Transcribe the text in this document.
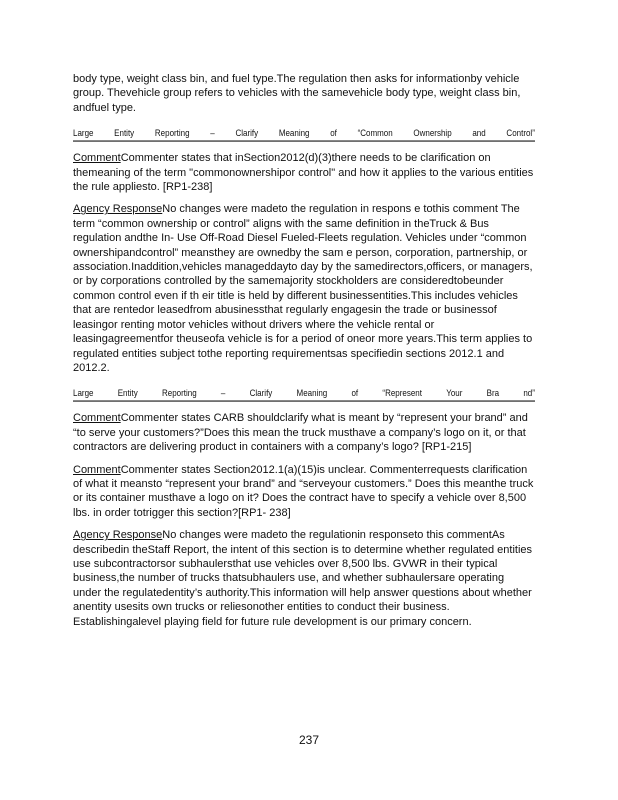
body type, weight class bin, and fuel type.The regulation then asks for informationby vehicle group. Thevehicle group refers to vehicles with the samevehicle body type, weight class bin, andfuel type.

Large	Entity	Reporting	–	Clarify	Meaning	of	“Common	Ownership	and	Control”

CommentCommenter states that inSection2012(d)(3)there needs to be clarification on themeaning of the term "commonownershipor control" and how it applies to the various entities the rule appliesto. [RP1-238]

Agency ResponseNo changes were madeto the regulation in respons e tothis comment The term “common ownership or control” aligns with the same definition in theTruck & Bus regulation andthe In- Use Off-Road Diesel Fueled-Fleets regulation. Vehicles under “common ownershipandcontrol” meansthey are ownedby the sam e person, corporation, partnership, or association.Inaddition,vehicles manageddayto day by the samedirectors,officers, or managers, or by corporations controlled by the samemajority stockholders are consideredtobeunder common control even if th eir title is held by different businessentities.This includes vehicles that are rentedor leasedfrom abusinessthat regularly engagesin the trade or businessof leasingor renting motor vehicles without drivers where the vehicle rental or leasingagreementfor theuseofa vehicle is for a period of oneor more years.This term applies to regulated entities subject tothe reporting requirementsas specifiedin sections 2012.1 and 2012.2.

Large	Entity	Reporting	–	Clarify	Meaning	of	“Represent	Your	Bra	nd”

CommentCommenter states CARB shouldclarify what is meant by “represent your brand” and “to serve your customers?”Does this mean the truck musthave a company’s logo on it, or that contractors are delivering product in containers with a company’s logo? [RP1-215]

CommentCommenter states Section2012.1(a)(15)is unclear. Commenterrequests clarification of what it meansto “represent your brand” and “serveyour customers.” Does this meanthe truck or its container musthave a logo on it? Does the contract have to specify a vehicle over 8,500 lbs. in order totrigger this section?[RP1- 238]

Agency ResponseNo changes were madeto the regulationin responseto this commentAs describedin theStaff Report, the intent of this section is to determine whether regulated entities use subcontractorsor subhaulersthat use vehicles over 8,500 lbs. GVWR in their typical business,the number of trucks thatsubhaulers use, and whether subhaulersare operating under the regulatedentity’s authority.This information will help answer questions about whether anentity usesits own trucks or reliesonother entities to conduct their business. Establishingalevel playing field for future rule development is our primary concern.

237
